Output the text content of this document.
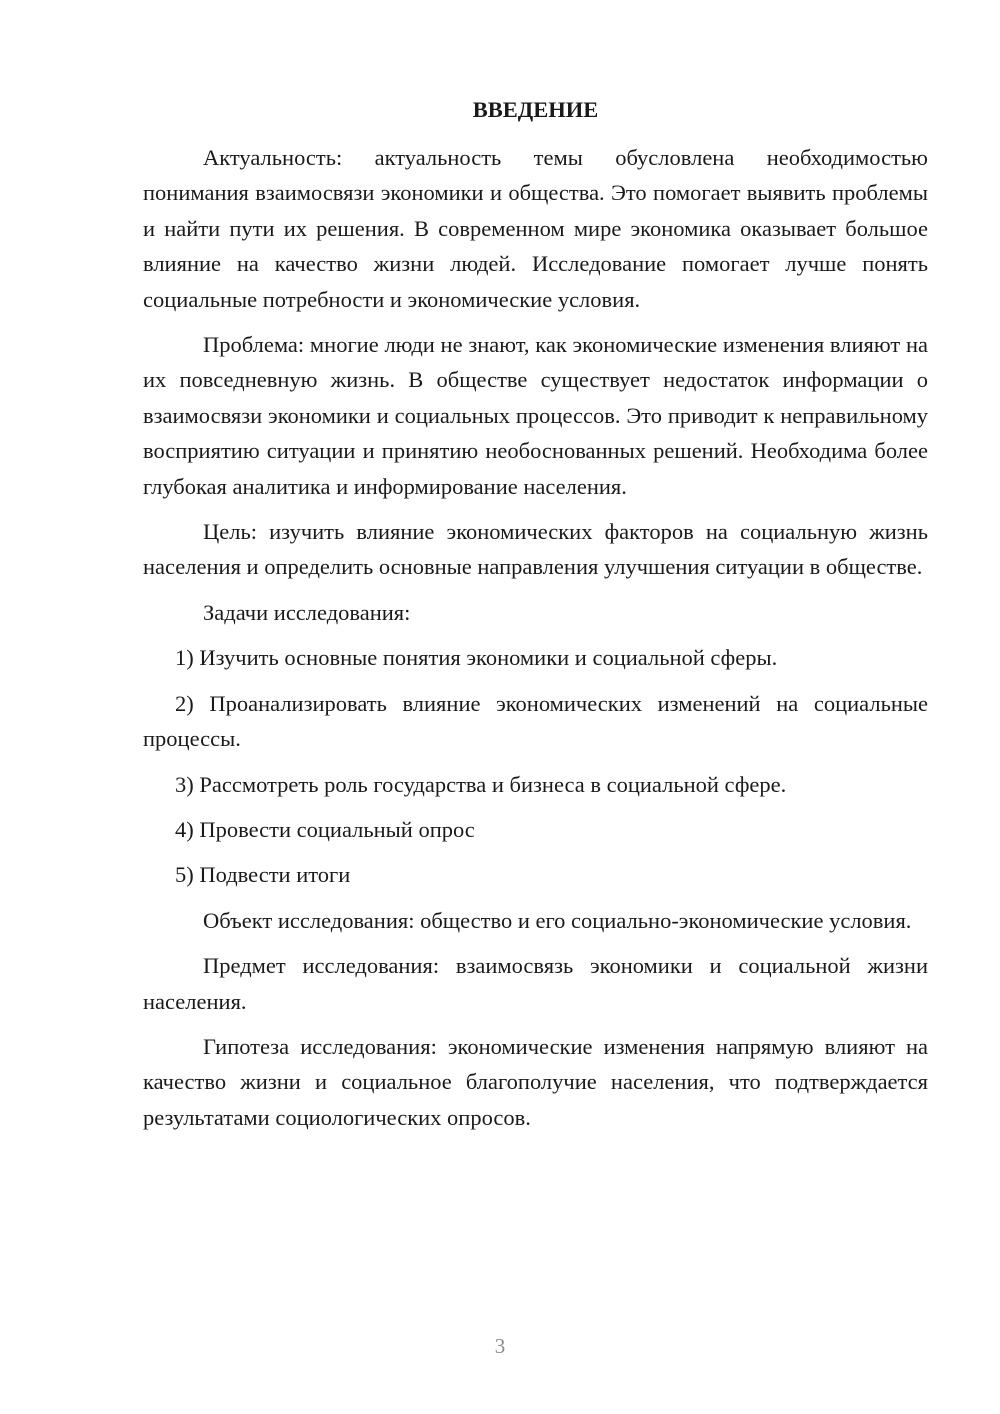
ВВЕДЕНИЕ

Актуальность: актуальность темы обусловлена необходимостью понимания взаимосвязи экономики и общества. Это помогает выявить проблемы и найти пути их решения. В современном мире экономика оказывает большое влияние на качество жизни людей. Исследование помогает лучше понять социальные потребности и экономические условия.

Проблема: многие люди не знают, как экономические изменения влияют на их повседневную жизнь. В обществе существует недостаток информации о взаимосвязи экономики и социальных процессов. Это приводит к неправильному восприятию ситуации и принятию необоснованных решений. Необходима более глубокая аналитика и информирование населения.

Цель: изучить влияние экономических факторов на социальную жизнь населения и определить основные направления улучшения ситуации в обществе.

Задачи исследования:

1) Изучить основные понятия экономики и социальной сферы.

2) Проанализировать влияние экономических изменений на социальные процессы.

3) Рассмотреть роль государства и бизнеса в социальной сфере.

4) Провести социальный опрос

5) Подвести итоги

Объект исследования: общество и его социально-экономические условия.

Предмет исследования: взаимосвязь экономики и социальной жизни населения.

Гипотеза исследования: экономические изменения напрямую влияют на качество жизни и социальное благополучие населения, что подтверждается результатами социологических опросов.

3
